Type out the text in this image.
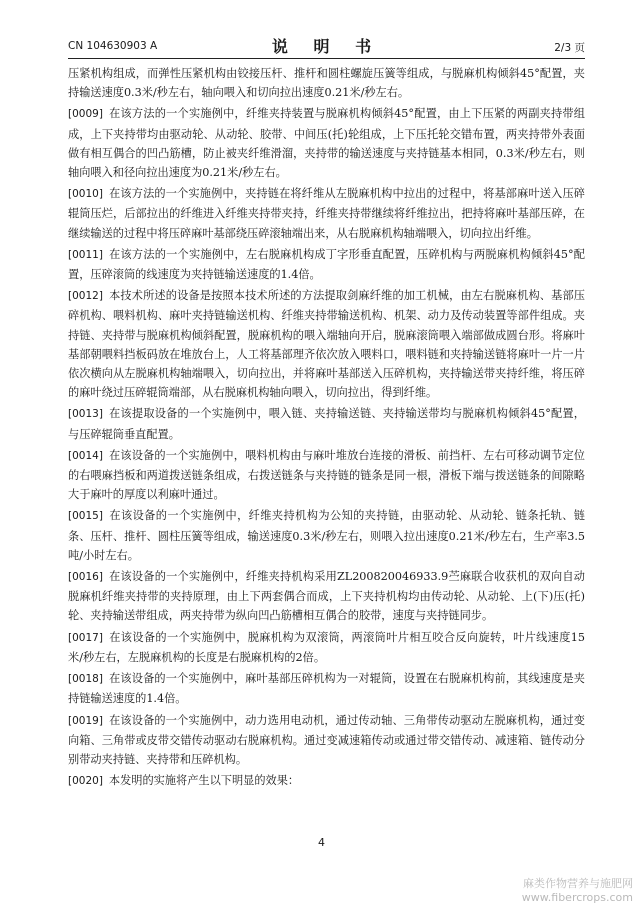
CN 104630903 A	说 明 书	2/3 页

压紧机构组成，而弹性压紧机构由铰接压杆、推杆和圆柱螺旋压簧等组成，与脱麻机构倾斜45°配置，夹持输送速度0.3米/秒左右，轴向喂入和切向拉出速度0.21米/秒左右。

[0009] 在该方法的一个实施例中，纤维夹持装置与脱麻机构倾斜45°配置，由上下压紧的两副夹持带组成，上下夹持带均由驱动轮、从动轮、胶带、中间压(托)轮组成，上下压托轮交错布置，两夹持带外表面做有相互偶合的凹凸筋槽，防止被夹纤维滑溜，夹持带的输送速度与夹持链基本相同，0.3米/秒左右，则轴向喂入和径向拉出速度为0.21米/秒左右。

[0010] 在该方法的一个实施例中，夹持链在将纤维从左脱麻机构中拉出的过程中，将基部麻叶送入压碎辊筒压烂，后部拉出的纤维进入纤维夹持带夹持，纤维夹持带继续将纤维拉出，把持将麻叶基部压碎，在继续输送的过程中将压碎麻叶基部绕压碎滚轴端出来，从右脱麻机构轴端喂入，切向拉出纤维。

[0011] 在该方法的一个实施例中，左右脱麻机构成丁字形垂直配置，压碎机构与两脱麻机构倾斜45°配置，压碎滚筒的线速度为夹持链输送速度的1.4倍。

[0012] 本技术所述的设备是按照本技术所述的方法提取剑麻纤维的加工机械，由左右脱麻机构、基部压碎机构、喂料机构、麻叶夹持链输送机构、纤维夹持带输送机构、机架、动力及传动装置等部件组成。夹持链、夹持带与脱麻机构倾斜配置，脱麻机构的喂入端轴向开启，脱麻滚筒喂入端部做成圆台形。将麻叶基部朝喂料挡板码放在堆放台上，人工将基部理齐依次放入喂料口，喂料链和夹持输送链将麻叶一片一片依次横向从左脱麻机构轴端喂入，切向拉出，并将麻叶基部送入压碎机构，夹持输送带夹持纤维，将压碎的麻叶绕过压碎辊筒端部，从右脱麻机构轴向喂入，切向拉出，得到纤维。

[0013] 在该提取设备的一个实施例中，喂入链、夹持输送链、夹持输送带均与脱麻机构倾斜45°配置，与压碎辊筒垂直配置。

[0014] 在该设备的一个实施例中，喂料机构由与麻叶堆放台连接的滑板、前挡杆、左右可移动调节定位的右喂麻挡板和两道拨送链条组成，右拨送链条与夹持链的链条是同一根，滑板下端与拨送链条的间隙略大于麻叶的厚度以利麻叶通过。

[0015] 在该设备的一个实施例中，纤维夹持机构为公知的夹持链，由驱动轮、从动轮、链条托轨、链条、压杆、推杆、圆柱压簧等组成，输送速度0.3米/秒左右，则喂入拉出速度0.21米/秒左右，生产率3.5吨/小时左右。

[0016] 在该设备的一个实施例中，纤维夹持机构采用ZL200820046933.9苎麻联合收获机的双向自动脱麻机纤维夹持带的夹持原理，由上下两套偶合而成，上下夹持机构均由传动轮、从动轮、上(下)压(托)轮、夹持输送带组成，两夹持带为纵向凹凸筋槽相互偶合的胶带，速度与夹持链同步。

[0017] 在该设备的一个实施例中，脱麻机构为双滚筒，两滚筒叶片相互咬合反向旋转，叶片线速度15米/秒左右，左脱麻机构的长度是右脱麻机构的2倍。

[0018] 在该设备的一个实施例中，麻叶基部压碎机构为一对辊筒，设置在右脱麻机构前，其线速度是夹持链输送速度的1.4倍。

[0019] 在该设备的一个实施例中，动力选用电动机，通过传动轴、三角带传动驱动左脱麻机构，通过变向箱、三角带或皮带交错传动驱动右脱麻机构。通过变减速箱传动或通过带交错传动、减速箱、链传动分别带动夹持链、夹持带和压碎机构。

[0020] 本发明的实施将产生以下明显的效果：

4
麻类作物营养与施肥网
www.fibercrops.com
